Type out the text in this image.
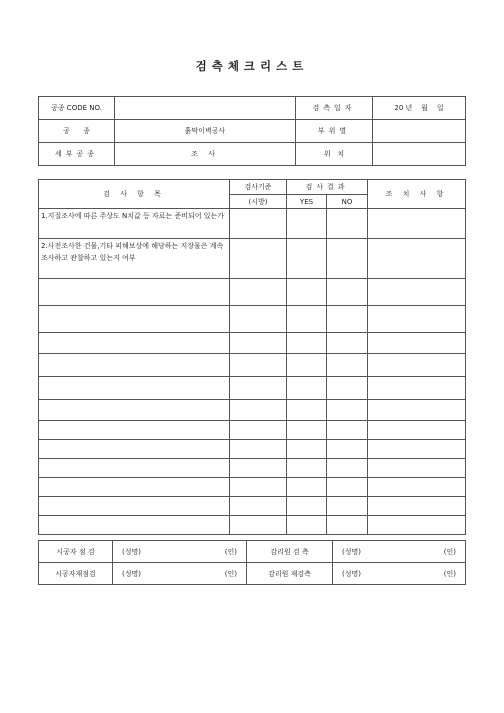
검측체크리스트
공종 CODE NO.		검측일자	20 년    월    일
공      종	흙막이벽공사	부위별	
세부공종	조 사	위   치	
검 사 항 목	검사기준	검사결과		조 치 사 항
	(시방)	YES	NO	
1.지질조사에 따른 주상도 N치값 등 자료는 준비되어 있는가				
2.사전조사한 건물,기타 피해보상에 해당하는 지장물은 계속 조사하고 관찰하고 있는지 여부				

시공자 점 검	(성명) (인)	감리원 검 측	(성명) (인)

시공자재점검	(성명) (인)	감리원 재검측	(성명) (인)
